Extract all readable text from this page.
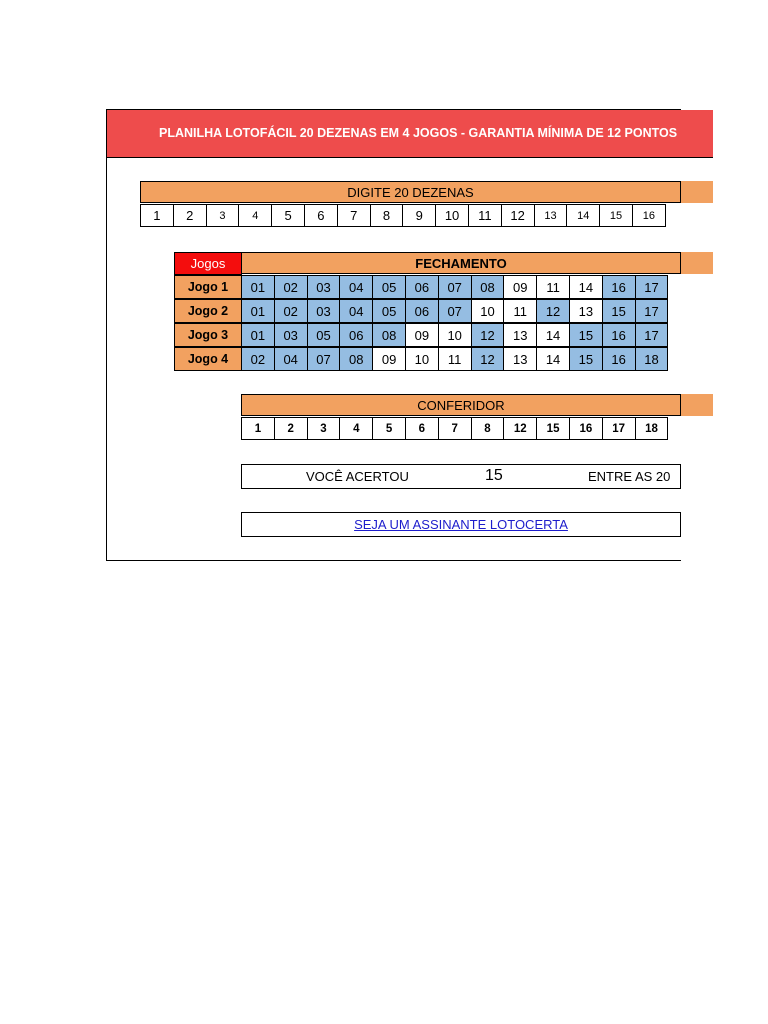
PLANILHA LOTOFÁCIL 20 DEZENAS EM 4 JOGOS - GARANTIA MÍNIMA DE 12 PONTOS
DIGITE 20 DEZENAS
1	2	3	4	5	6	7	8	9	10	11	12	13	14	15	16
Jogos	FECHAMENTO
Jogo 1	01	02	03	04	05	06	07	08	09	11	14	16	17
Jogo 2	01	02	03	04	05	06	07	10	11	12	13	15	17
Jogo 3	01	03	05	06	08	09	10	12	13	14	15	16	17
Jogo 4	02	04	07	08	09	10	11	12	13	14	15	16	18
CONFERIDOR
1	2	3	4	5	6	7	8	12	15	16	17	18
VOCÊ ACERTOU	15	ENTRE AS 20
SEJA UM ASSINANTE LOTOCERTA
